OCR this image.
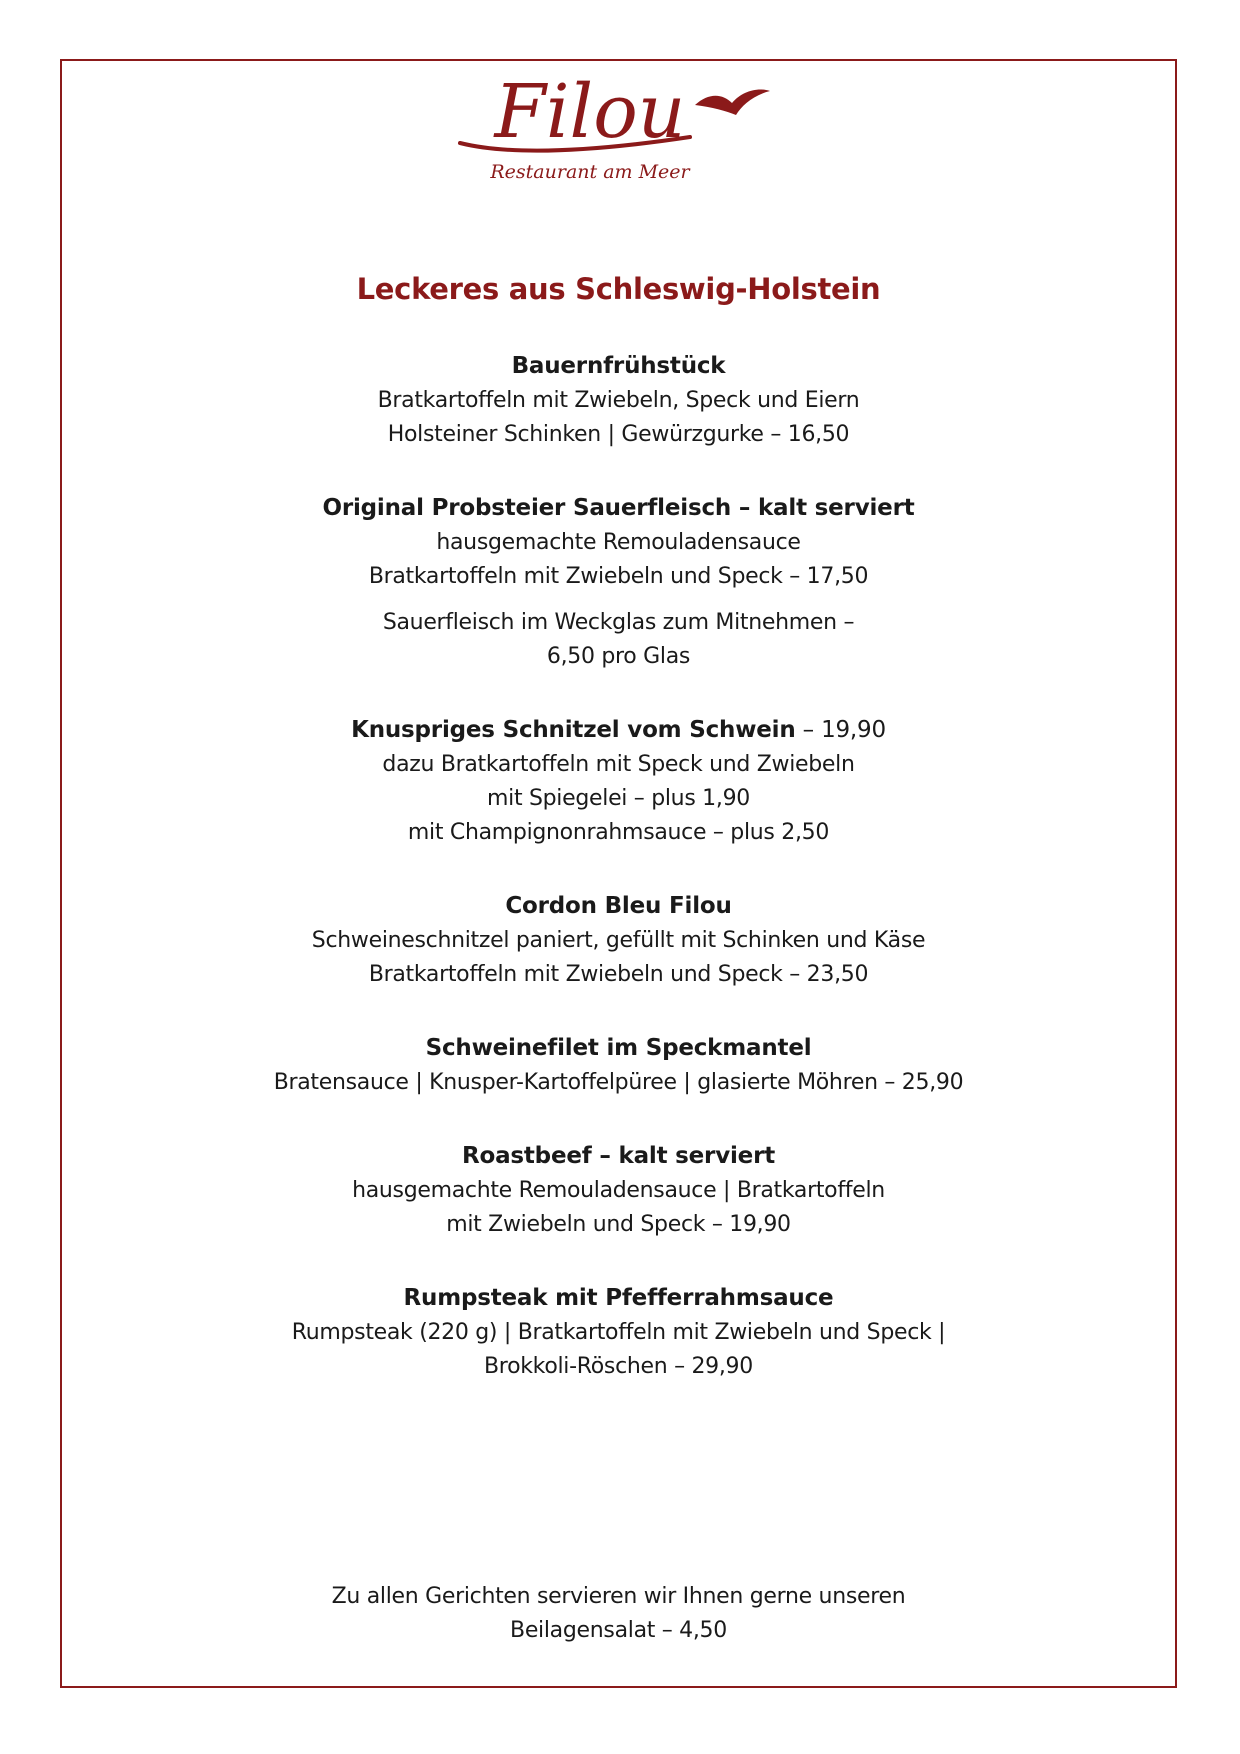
Filou
Restaurant am Meer
Leckeres aus Schleswig-Holstein
Bauernfrühstück
Bratkartoffeln mit Zwiebeln, Speck und Eiern
Holsteiner Schinken | Gewürzgurke – 16,50
Original Probsteier Sauerfleisch – kalt serviert
hausgemachte Remouladensauce
Bratkartoffeln mit Zwiebeln und Speck – 17,50
Sauerfleisch im Weckglas zum Mitnehmen –
6,50 pro Glas
Knuspriges Schnitzel vom Schwein – 19,90
dazu Bratkartoffeln mit Speck und Zwiebeln
mit Spiegelei – plus 1,90
mit Champignonrahmsauce – plus 2,50
Cordon Bleu Filou
Schweineschnitzel paniert, gefüllt mit Schinken und Käse
Bratkartoffeln mit Zwiebeln und Speck – 23,50
Schweinefilet im Speckmantel
Bratensauce | Knusper-Kartoffelpüree | glasierte Möhren – 25,90
Roastbeef – kalt serviert
hausgemachte Remouladensauce | Bratkartoffeln
mit Zwiebeln und Speck – 19,90
Rumpsteak mit Pfefferrahmsauce
Rumpsteak (220 g) | Bratkartoffeln mit Zwiebeln und Speck |
Brokkoli-Röschen – 29,90
Zu allen Gerichten servieren wir Ihnen gerne unseren
Beilagensalat – 4,50
